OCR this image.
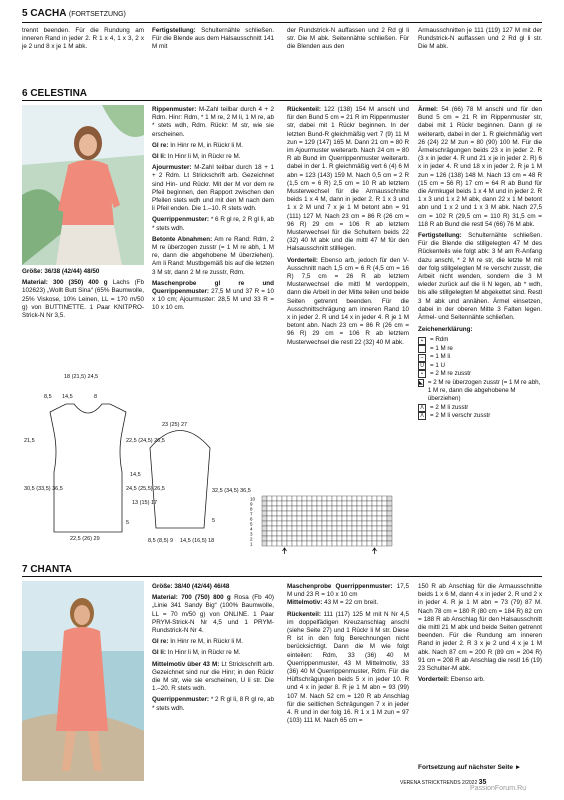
5 CACHA (FORTSETZUNG)

trennt beenden. Für die Rundung am inneren Rand in jeder 2. R 1 x 4, 1 x 3, 2 x je 2 und 8 x je 1 M abk.

Fertigstellung: Schulternähte schließen. Für die Blende aus dem Halsausschnitt 141 M mit

der Rundstrick-N auffassen und 2 Rd gl li str. Die M abk. Seitennähte schließen. Für die Blenden aus den

Armausschnitten je 111 (119) 127 M mit der Rundstrick-N auffassen und 2 Rd gl li str. Die M abk.

6 CELESTINA

Größe: 36/38 (42/44) 48/50

Material: 300 (350) 400 g Lachs (Fb 102623) „Wollt Butt Sina“ (65% Baumwolle, 25% Viskose, 10% Leinen, LL = 170 m/50 g) von BUTTINETTE. 1 Paar KNITPRO-Strick-N Nr 3,5.

Rippenmuster: M-Zahl teilbar durch 4 + 2 Rdm. Hinr: Rdm, * 1 M re, 2 M li, 1 M re, ab * stets wdh, Rdm. Rückr: M str, wie sie erscheinen.

Gl re: In Hinr re M, in Rückr li M.

Gl li: In Hinr li M, in Rückr re M.

Ajourmuster: M-Zahl teilbar durch 18 + 1 + 2 Rdm. Lt Strickschrift arb. Gezeichnet sind Hin- und Rückr. Mit der M vor dem re Pfeil beginnen, den Rapport zwischen den Pfeilen stets wdh und mit den M nach dem li Pfeil enden. Die 1.–10. R stets wdh.

Querrippenmuster: * 6 R gl re, 2 R gl li, ab * stets wdh.

Betonte Abnahmen: Am re Rand: Rdm, 2 M re überzogen zusstr (= 1 M re abh, 1 M re, dann die abgehobene M überziehen). Am li Rand: Mustbgemäß bis auf die letzten 3 M str, dann 2 M re zusstr, Rdm.

Maschenprobe gl re und Querrippenmuster: 27,5 M und 37 R = 10 x 10 cm; Ajourmuster: 28,5 M und 33 R = 10 x 10 cm.

Rückenteil: 122 (138) 154 M anschl und für den Bund 5 cm = 21 R im Rippenmuster str, dabei mit 1 Rückr beginnen. In der letzten Bund-R gleichmäßig vert 7 (9) 11 M zun = 129 (147) 165 M. Dann 21 cm = 80 R im Ajourmuster weiterarb. Nach 24 cm = 80 R ab Bund im Querrippenmuster weiterarb. dabei in der 1. R gleichmäßig vert 6 (4) 6 M abn = 123 (143) 159 M. Nach 0,5 cm = 2 R (1,5 cm = 6 R) 2,5 cm = 10 R ab letztem Musterwechsel für die Armausschnitte beids 1 x 4 M, dann in jeder 2. R 1 x 3 und 1 x 2 M und 7 x je 1 M betont abn = 91 (111) 127 M. Nach 23 cm = 86 R (26 cm = 96 R) 29 cm = 106 R ab letztem Musterwechsel für die Schultern beids 22 (32) 40 M abk und die mittl 47 M für den Halsausschnitt stilllegen.

Vorderteil: Ebenso arb, jedoch für den V-Ausschnitt nach 1,5 cm = 6 R (4,5 cm = 16 R) 7,5 cm = 26 R ab letztem Musterwechsel die mittl M verdoppeln, dann die Arbeit in der Mitte teilen und beide Seiten getrennt beenden. Für die Ausschnittschrägung am inneren Rand 10 x in jeder 2. R und 14 x in jeder 4. R je 1 M betont abn. Nach 23 cm = 86 R (26 cm = 96 R) 29 cm = 106 R ab letztem Musterwechsel die restl 22 (32) 40 M abk.

Ärmel: 54 (66) 78 M anschl und für den Bund 5 cm = 21 R im Rippenmuster str, dabei mit 1 Rückr beginnen. Dann gl re weiterarb, dabei in der 1. R gleichmäßig vert 26 (24) 22 M zun = 80 (90) 100 M. Für die Ärmelschrägungen beids 23 x in jeder 2. R (3 x in jeder 4. R und 21 x je in jeder 2. R) 6 x in jeder 4. R und 18 x in jeder 2. R je 1 M zun = 126 (138) 148 M. Nach 13 cm = 48 R (15 cm = 56 R) 17 cm = 64 R ab Bund für die Armkugel beids 1 x 4 M und in jeder 2. R 1 x 3 und 1 x 2 M abk, dann 22 x 1 M betont abn und 1 x 2 und 1 x 3 M abk. Nach 27,5 cm = 102 R (29,5 cm = 110 R) 31,5 cm = 118 R ab Bund die restl 54 (66) 76 M abk.

Fertigstellung: Schulternähte schließen. Für die Blende die stillgelegten 47 M des Rückenteils wie folgt abk: 3 M am R-Anfang dazu anschl, * 2 M re str, die letzte M mit der folg stillgelegten M re verschr zusstr, die Arbeit nicht wenden, sondern die 3 M wieder zurück auf die li N legen, ab * wdh, bis alle stillgelegten M abgekettet sind. Restl 3 M abk und annähen. Ärmel einsetzen, dabei in der oberen Mitte 3 Falten legen. Ärmel- und Seitennähte schließen.

Zeichenerklärung:

+	= Rdm
= 1 M re
–	= 1 M li
U = 1 U
•	= 2 M re zusstr
◣ = 2 M re überzogen zusstr (= 1 M re abh, 1 M re, dann die abgehobene M überziehen)
Λ	= 2 M li zusstr
Λ	= 2 M li verschr zusstr
18 (21,5) 24,5
8,5 14,5	8
21,5
30,5 (33,5) 36,5
22,5 (24,5) 26,5
24,5 (25,5) 26,5
5
22,5 (26) 29
23 (25) 27
14,5
13 (15) 17
32,5 (34,5) 36,5
5
8,5 (8,5) 9 14,5 (16,5) 18
10
9
8
7
6
5
4
3
2
1
7 CHANTA

Größe: 38/40 (42/44) 46/48

Material: 700 (750) 800 g Rosa (Fb 40) „Linie 341 Sandy Big“ (100% Baumwolle, LL = 70 m/50 g) von ONLINE. 1 Paar PRYM-Strick-N Nr 4,5 und 1 PRYM-Rundstrick-N Nr 4.

Gl re: In Hinr re M, in Rückr li M.

Gl li: In Hinr li M, in Rückr re M.

Mittelmotiv über 43 M: Lt Strickschrift arb. Gezeichnet sind nur die Hinr; in den Rückr die M str, wie sie erscheinen, U li str. Die 1.–20. R stets wdh.

Querrippenmuster: * 2 R gl li, 8 R gl re, ab * stets wdh.

Maschenprobe Querrippenmuster: 17,5 M und 23 R = 10 x 10 cm

Mittelmotiv: 43 M = 22 cm breit.

Rückenteil: 111 (117) 125 M mit N Nr 4,5 im doppelfädigen Kreuzanschlag anschl (siehe Seite 27) und 1 Rückr li M str. Diese R ist in den folg Berechnungen nicht berücksichtigt. Dann die M wie folgt einteilen: Rdm, 33 (36) 40 M Querrippenmuster, 43 M Mittelmotiv, 33 (36) 40 M Querrippenmuster, Rdm. Für die Hüftschrägungen beids 5 x in jeder 10. R und 4 x in jeder 8. R je 1 M abn = 93 (99) 107 M. Nach 52 cm = 120 R ab Anschlag für die seitlichen Schrägungen 7 x in jeder 4. R und in der folg 16. R 1 x 1 M zun = 97 (103) 111 M. Nach 65 cm =

150 R ab Anschlag für die Armausschnitte beids 1 x 6 M, dann 4 x in jeder 2. R und 2 x in jeder 4. R je 1 M abn = 73 (79) 87 M. Nach 78 cm = 180 R (80 cm = 184 R) 82 cm = 188 R ab Anschlag für den Halsausschnitt die mittl 21 M abk und beide Seiten getrennt beenden. Für die Rundung am inneren Rand in jeder 2. R 3 x je 2 und 4 x je 1 M abk. Nach 87 cm = 200 R (89 cm = 204 R) 91 cm = 208 R ab Anschlag die restl 16 (19) 23 Schulter-M abk.

Vorderteil: Ebenso arb.

Fortsetzung auf nächster Seite ►
VERENA STRICKTRENDS 2/2022 35
PassionForum.Ru
